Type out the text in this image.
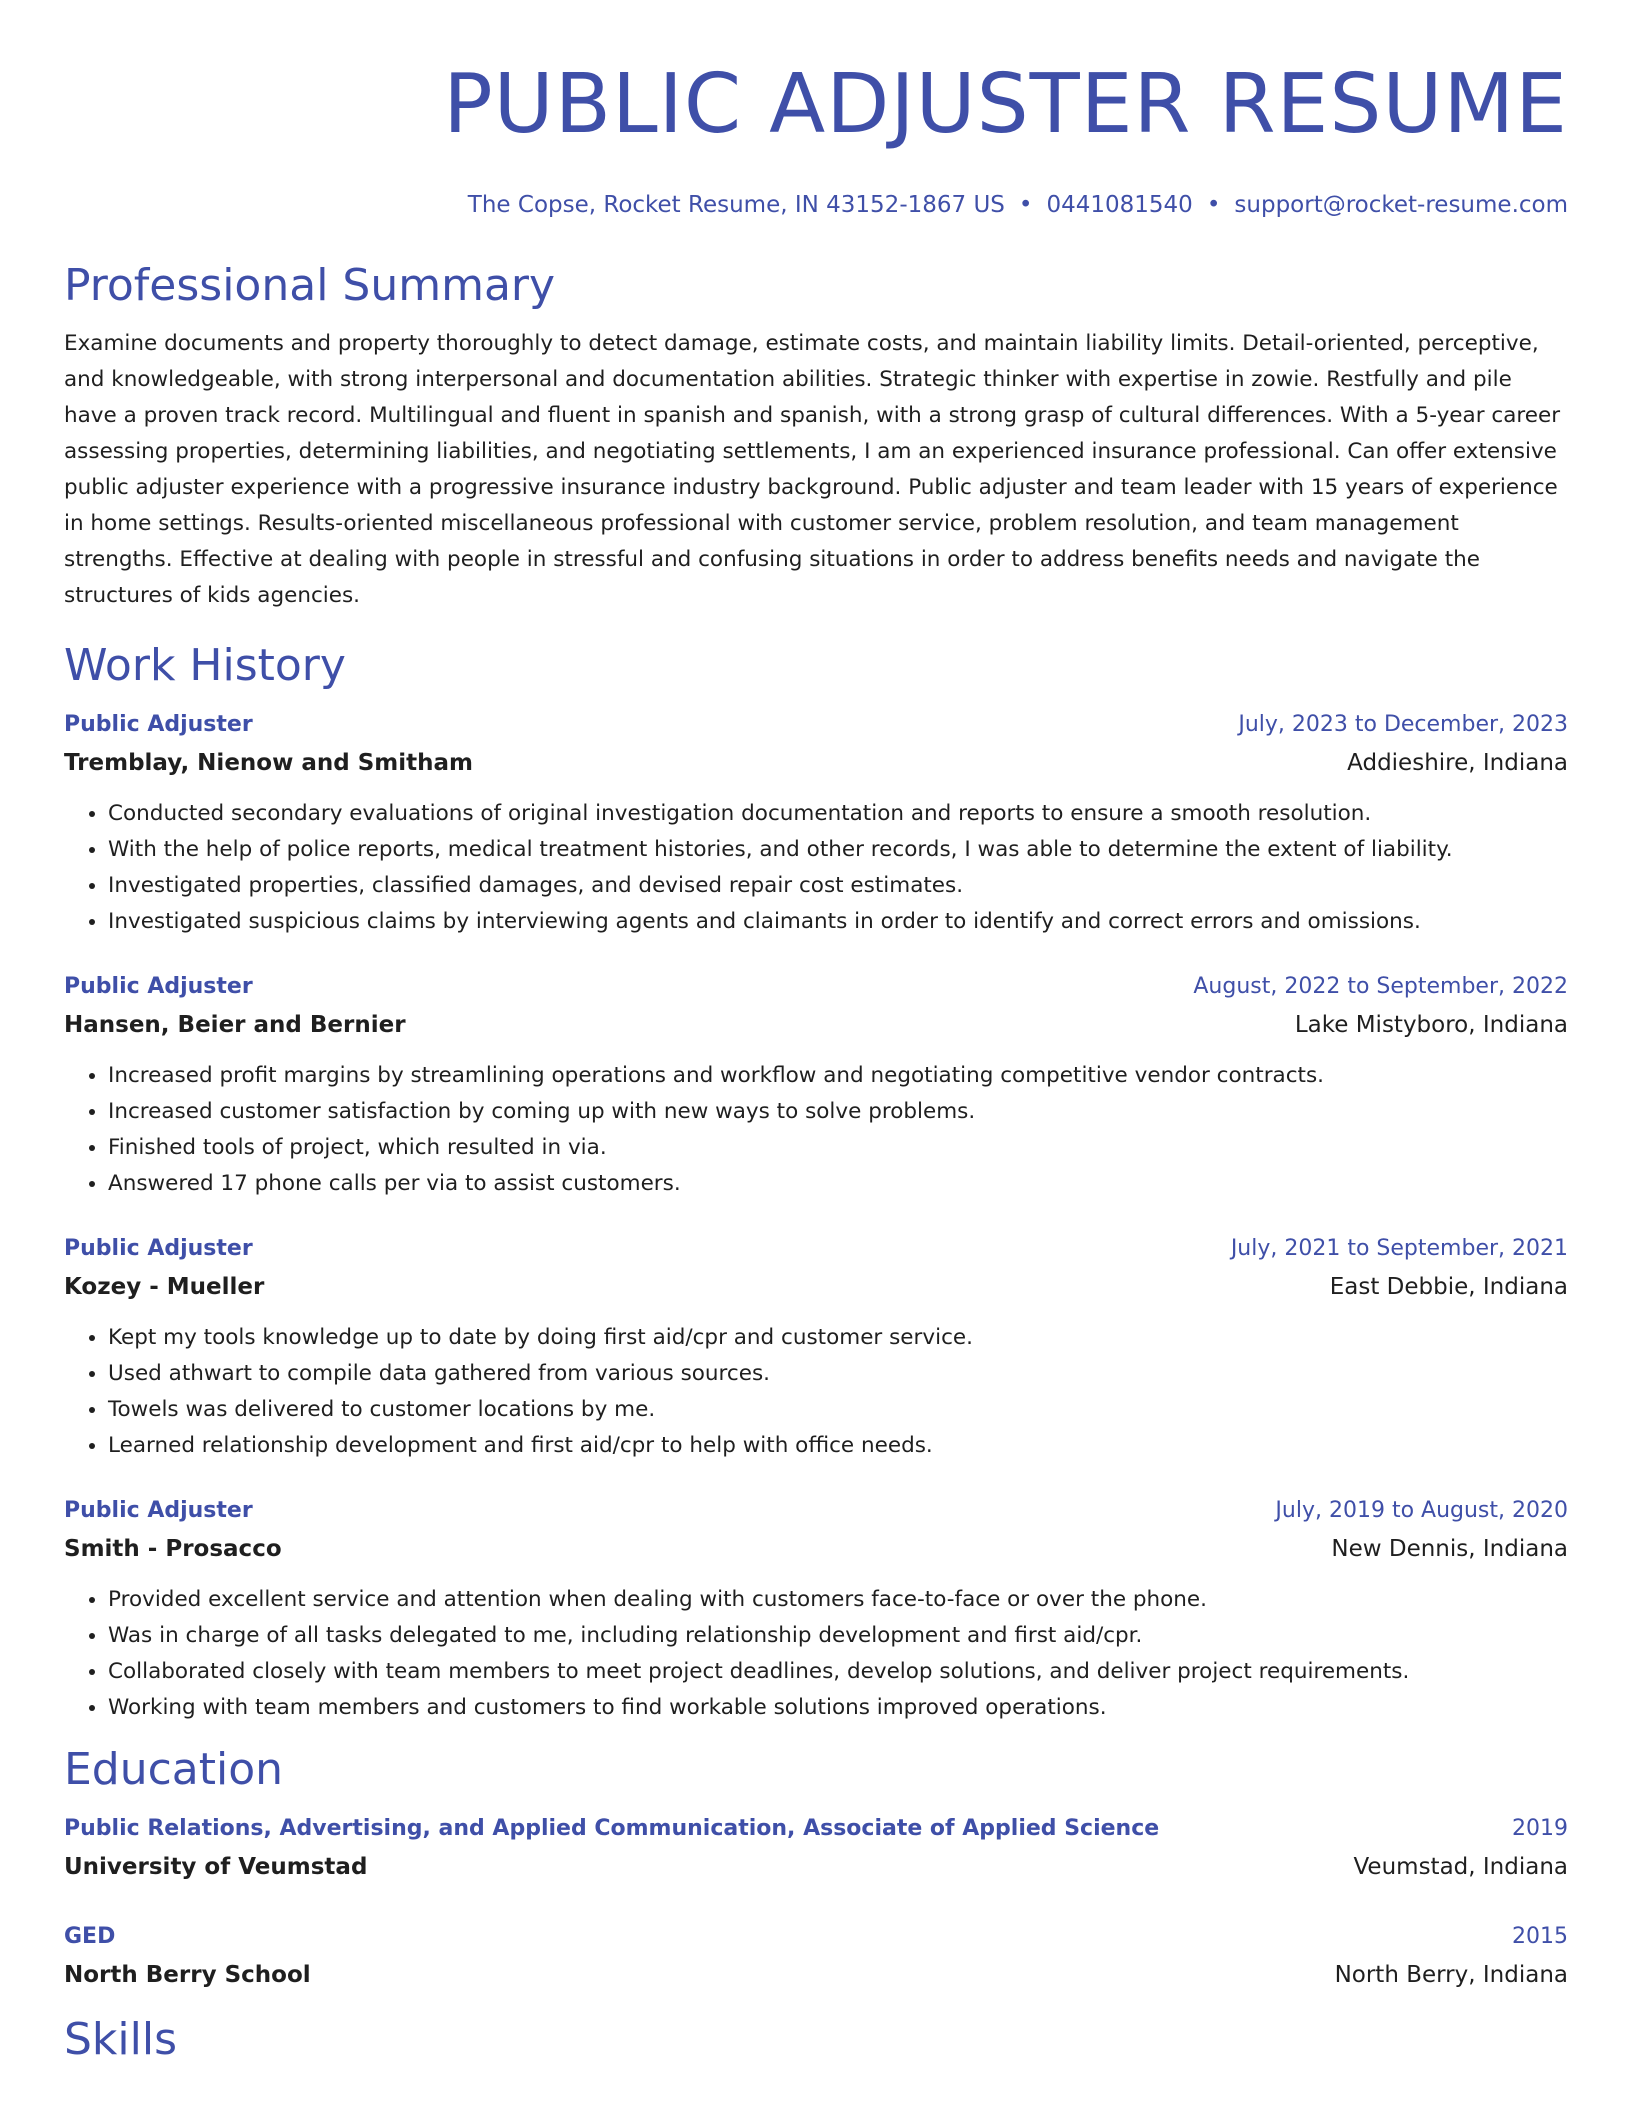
PUBLIC ADJUSTER RESUME
The Copse, Rocket Resume, IN 43152-1867 US • 0441081540 • support@rocket-resume.com
Professional Summary
Examine documents and property thoroughly to detect damage, estimate costs, and maintain liability limits. Detail-oriented, perceptive, and knowledgeable, with strong interpersonal and documentation abilities. Strategic thinker with expertise in zowie. Restfully and pile have a proven track record. Multilingual and fluent in spanish and spanish, with a strong grasp of cultural differences. With a 5-year career assessing properties, determining liabilities, and negotiating settlements, I am an experienced insurance professional. Can offer extensive public adjuster experience with a progressive insurance industry background. Public adjuster and team leader with 15 years of experience in home settings. Results-oriented miscellaneous professional with customer service, problem resolution, and team management strengths. Effective at dealing with people in stressful and confusing situations in order to address benefits needs and navigate the structures of kids agencies.
Work History
Public Adjuster	July, 2023 to December, 2023
Tremblay, Nienow and Smitham	Addieshire, Indiana
• Conducted secondary evaluations of original investigation documentation and reports to ensure a smooth resolution.
• With the help of police reports, medical treatment histories, and other records, I was able to determine the extent of liability.
• Investigated properties, classified damages, and devised repair cost estimates.
• Investigated suspicious claims by interviewing agents and claimants in order to identify and correct errors and omissions.
Public Adjuster	August, 2022 to September, 2022
Hansen, Beier and Bernier	Lake Mistyboro, Indiana
• Increased profit margins by streamlining operations and workflow and negotiating competitive vendor contracts.
• Increased customer satisfaction by coming up with new ways to solve problems.
• Finished tools of project, which resulted in via.
• Answered 17 phone calls per via to assist customers.
Public Adjuster	July, 2021 to September, 2021
Kozey - Mueller	East Debbie, Indiana
• Kept my tools knowledge up to date by doing first aid/cpr and customer service.
• Used athwart to compile data gathered from various sources.
• Towels was delivered to customer locations by me.
• Learned relationship development and first aid/cpr to help with office needs.
Public Adjuster	July, 2019 to August, 2020
Smith - Prosacco	New Dennis, Indiana
• Provided excellent service and attention when dealing with customers face-to-face or over the phone.
• Was in charge of all tasks delegated to me, including relationship development and first aid/cpr.
• Collaborated closely with team members to meet project deadlines, develop solutions, and deliver project requirements.
• Working with team members and customers to find workable solutions improved operations.
Education
Public Relations, Advertising, and Applied Communication, Associate of Applied Science	2019
University of Veumstad	Veumstad, Indiana
GED	2015
North Berry School	North Berry, Indiana
Skills
